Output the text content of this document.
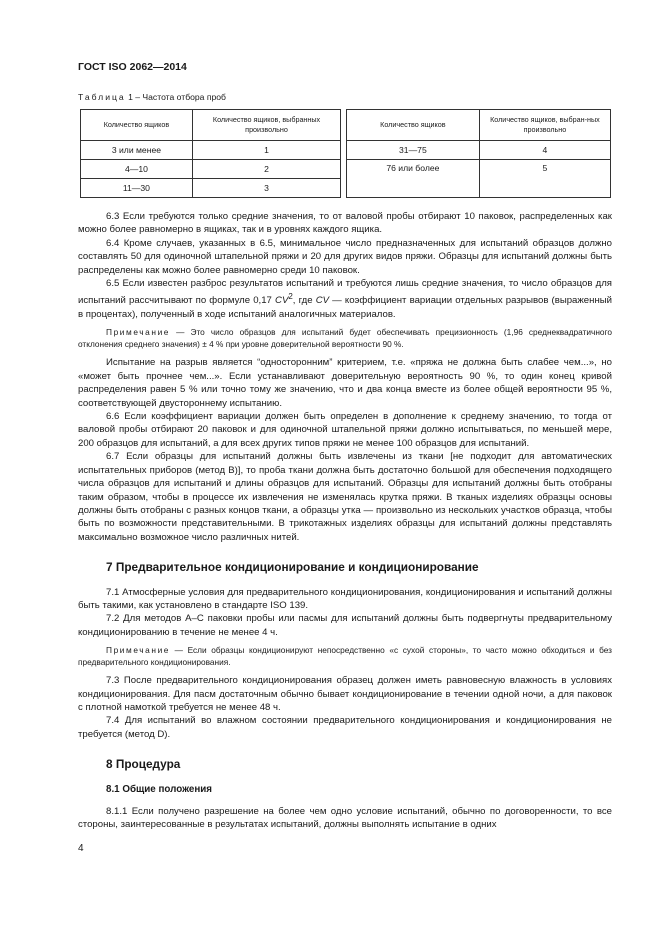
ГОСТ ISO 2062—2014
Таблица 1 – Частота отбора проб
Количество ящиков	Количество ящиков, выбранных произвольно		Количество ящиков	Количество ящиков, выбран-ных произвольно
3 или менее	1		31—75	4
4—10	2		76 или более	5
11—30	3			

6.3 Если требуются только средние значения, то от валовой пробы отбирают 10 паковок, распределенных как можно более равномерно в ящиках, так и в уровнях каждого ящика.

6.4 Кроме случаев, указанных в 6.5, минимальное число предназначенных для испытаний образцов должно составлять 50 для одиночной штапельной пряжи и 20 для других видов пряжи. Образцы для испытаний должны быть распределены как можно более равномерно среди 10 паковок.

6.5 Если известен разброс результатов испытаний и требуются лишь средние значения, то число образцов для испытаний рассчитывают по формуле 0,17 $CV^2$, где CV — коэффициент вариации отдельных разрывов (выраженный в процентах), полученный в ходе испытаний аналогичных материалов.

Примечание — Это число образцов для испытаний будет обеспечивать прецизионность (1,96 среднеквадратичного отклонения среднего значения) ± 4 % при уровне доверительной вероятности 90 %.

Испытание на разрыв является “односторонним” критерием, т.е. «пряжа не должна быть слабее чем...», но «может быть прочнее чем...». Если устанавливают доверительную вероятность 90 %, то один конец кривой распределения равен 5 % или точно тому же значению, что и два конца вместе из более общей вероятности 95 %, соответствующей двустороннему испытанию.

6.6 Если коэффициент вариации должен быть определен в дополнение к среднему значению, то тогда от валовой пробы отбирают 20 паковок и для одиночной штапельной пряжи должно испытываться, по меньшей мере, 200 образцов для испытаний, а для всех других типов пряжи не менее 100 образцов для испытаний.

6.7 Если образцы для испытаний должны быть извлечены из ткани [не подходит для автоматических испытательных приборов (метод В)], то проба ткани должна быть достаточно большой для обеспечения подходящего числа образцов для испытаний и длины образцов для испытаний. Образцы для испытаний должны быть отобраны таким образом, чтобы в процессе их извлечения не изменялась крутка пряжи. В тканых изделиях образцы основы должны быть отобраны с разных концов ткани, а образцы утка — произвольно из нескольких участков образца, чтобы быть по возможности представительными. В трикотажных изделиях образцы для испытаний должны представлять максимально возможное число различных нитей.

7 Предварительное кондиционирование и кондиционирование

7.1 Атмосферные условия для предварительного кондиционирования, кондиционирования и испытаний должны быть такими, как установлено в стандарте ISO 139.

7.2 Для методов А–С паковки пробы или пасмы для испытаний должны быть подвергнуты предварительному кондиционированию в течение не менее 4 ч.

Примечание — Если образцы кондиционируют непосредственно «с сухой стороны», то часто можно обходиться и без предварительного кондиционирования.

7.3 После предварительного кондиционирования образец должен иметь равновесную влажность в условиях кондиционирования. Для пасм достаточным обычно бывает кондиционирование в течении одной ночи, а для паковок с плотной намоткой требуется не менее 48 ч.

7.4 Для испытаний во влажном состоянии предварительного кондиционирования и кондиционирования не требуется (метод D).

8 Процедура
8.1 Общие положения

8.1.1 Если получено разрешение на более чем одно условие испытаний, обычно по договоренности, то все стороны, заинтересованные в результатах испытаний, должны выполнять испытание в одних

4
